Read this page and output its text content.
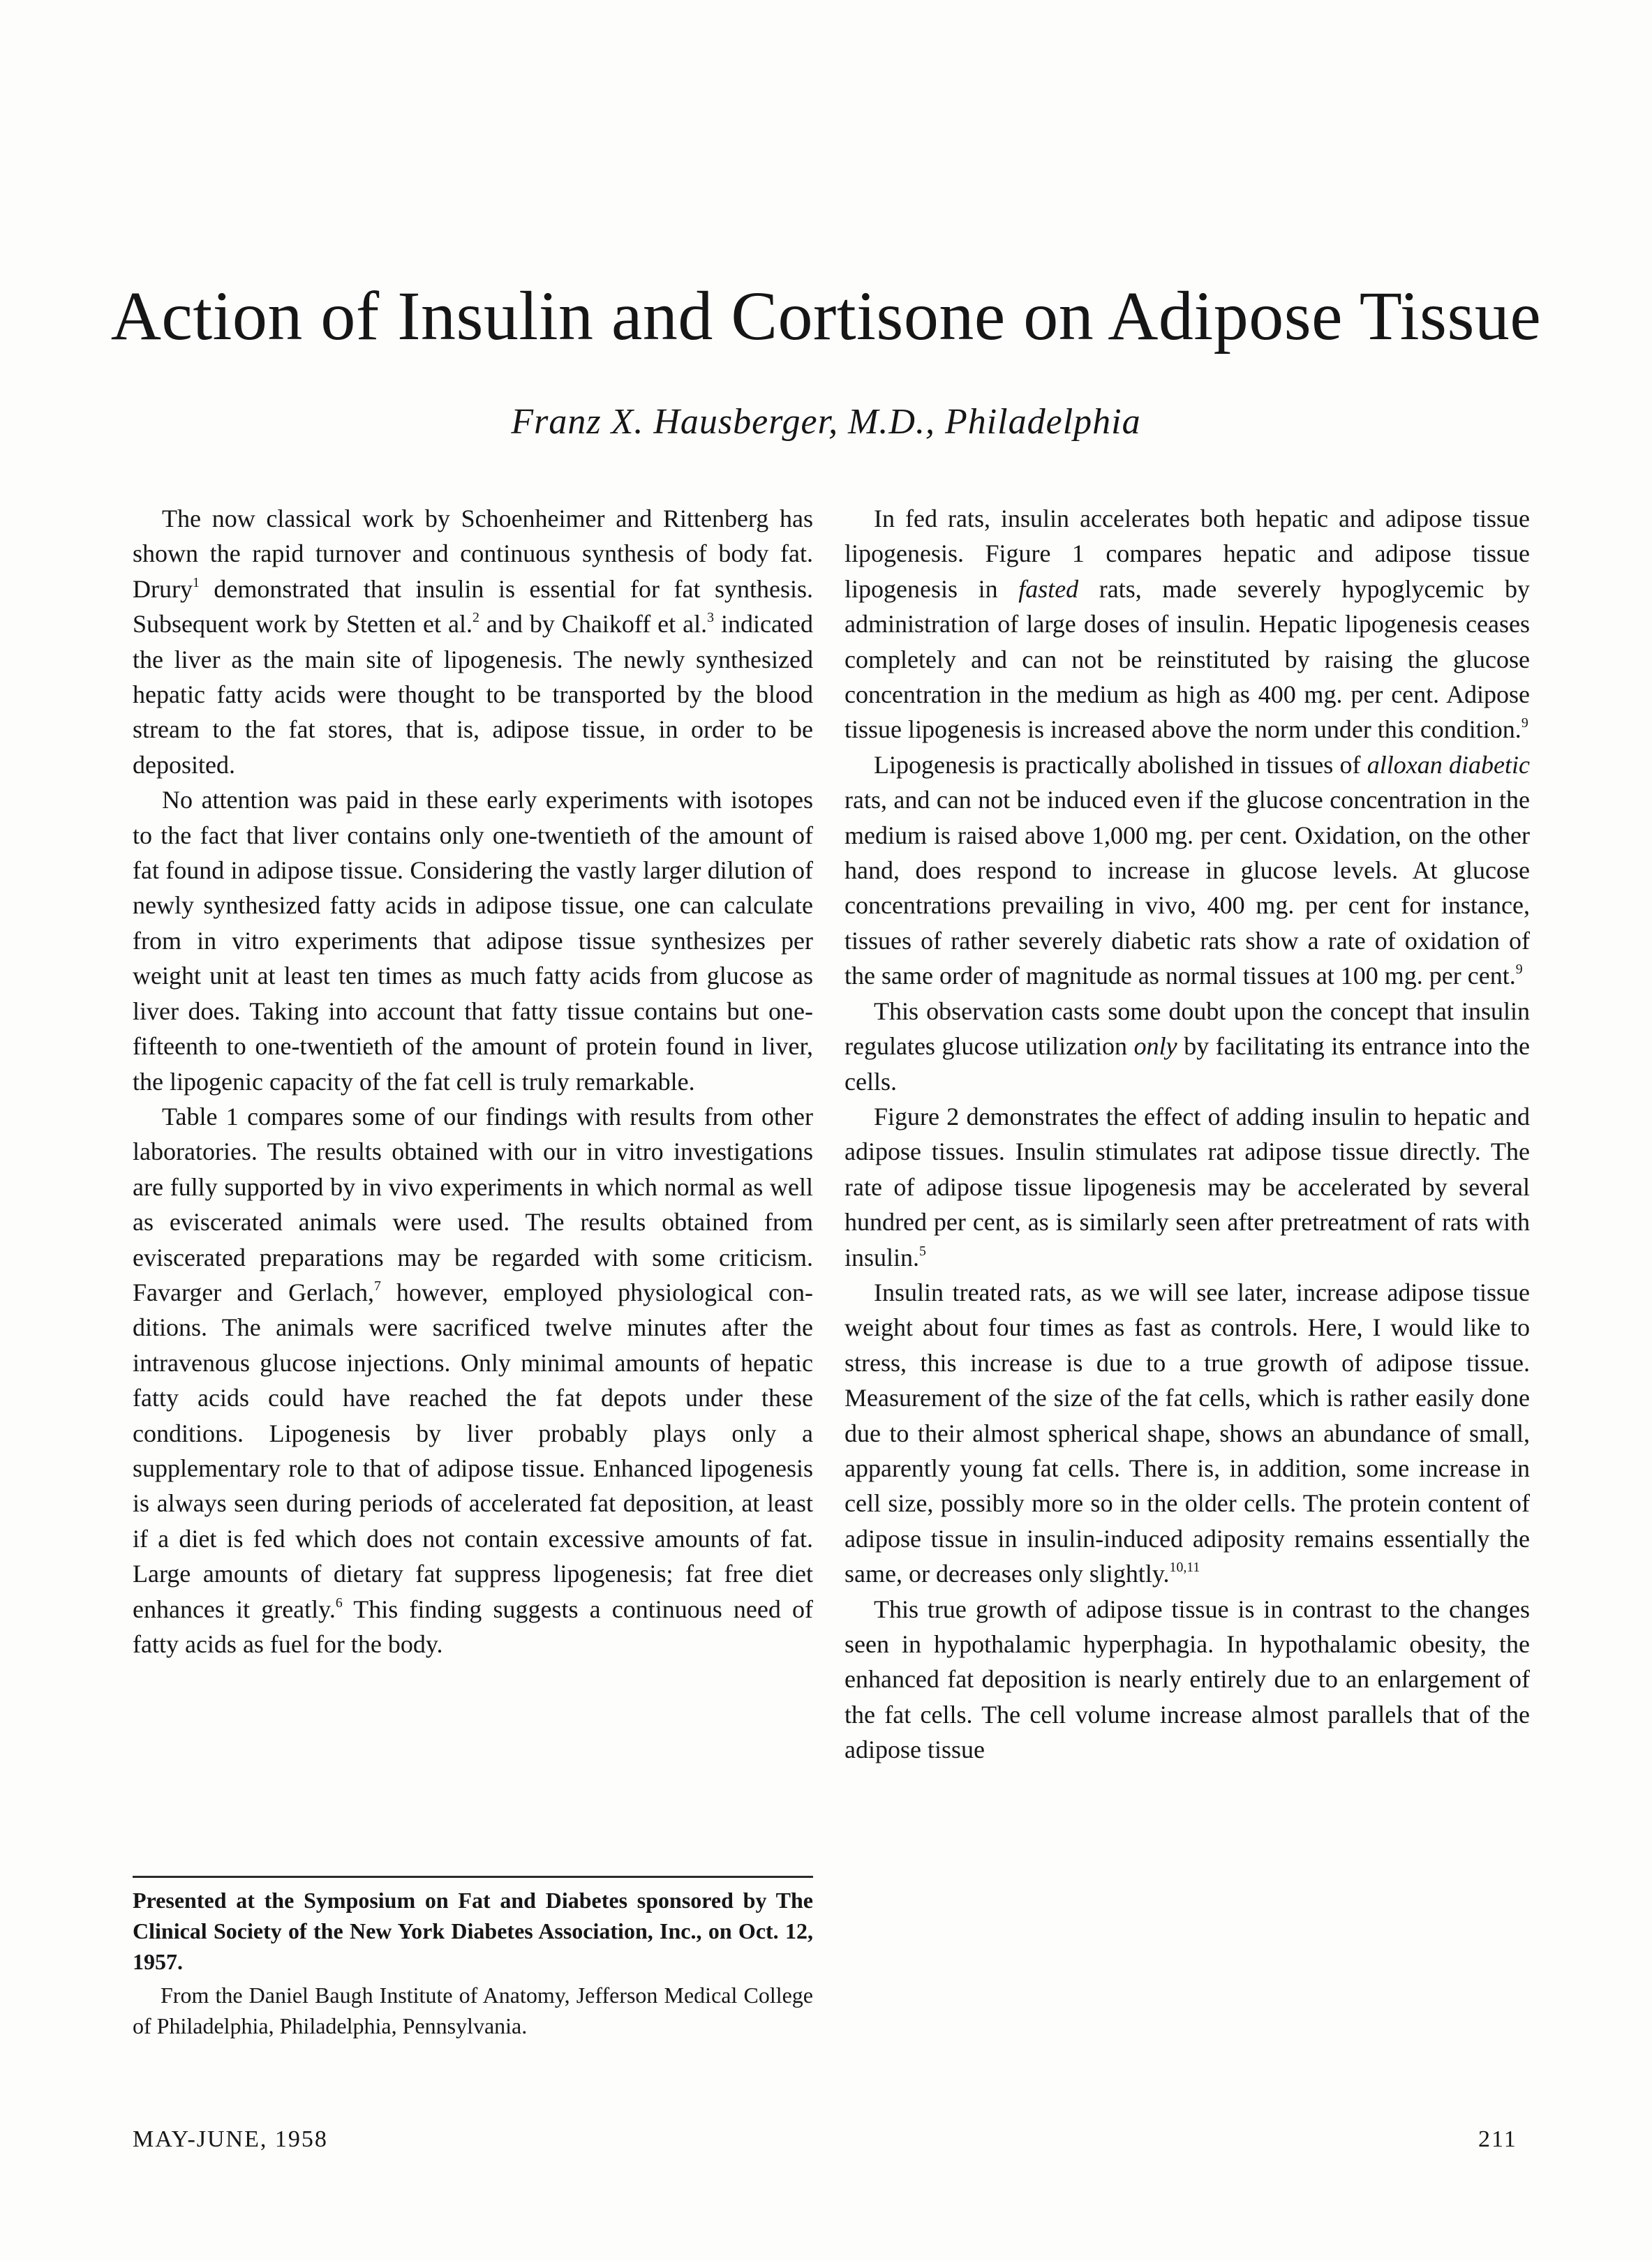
Action of Insulin and Cortisone on Adipose Tissue
Franz X. Hausberger, M.D., Philadelphia

The now classical work by Schoenheimer and Rittenberg has shown the rapid turnover and continuous synthesis of body fat. Drury$^1$ demonstrated that insulin is essential for fat synthesis. Subsequent work by Stetten et al.$^2$ and by Chaikoff et al.$^3$ indicated the liver as the main site of lipogenesis. The newly synthesized hepatic fatty acids were thought to be transported by the blood stream to the fat stores, that is, adipose tissue, in order to be deposited.

No attention was paid in these early experiments with isotopes to the fact that liver contains only one-twentieth of the amount of fat found in adipose tissue. Considering the vastly larger dilution of newly synthesized fatty acids in adipose tissue, one can calculate from in vitro experiments that adipose tissue synthesizes per weight unit at least ten times as much fatty acids from glucose as liver does. Taking into account that fatty tissue contains but one-fifteenth to one-twentieth of the amount of protein found in liver, the lipogenic capacity of the fat cell is truly remarkable.

Table 1 compares some of our findings with results from other laboratories. The results obtained with our in vitro investigations are fully supported by in vivo experiments in which normal as well as eviscerated animals were used. The results obtained from eviscerated preparations may be regarded with some criticism. Favarger and Gerlach,$^7$ however, employed physiological conditions. The animals were sacrificed twelve minutes after the intravenous glucose injections. Only minimal amounts of hepatic fatty acids could have reached the fat depots under these conditions. Lipogenesis by liver probably plays only a supplementary role to that of adipose tissue. Enhanced lipogenesis is always seen during periods of accelerated fat deposition, at least if a diet is fed which does not contain excessive amounts of fat. Large amounts of dietary fat suppress lipogenesis; fat free diet enhances it greatly.$^6$ This finding suggests a continuous need of fatty acids as fuel for the body.

In fed rats, insulin accelerates both hepatic and adipose tissue lipogenesis. Figure 1 compares hepatic and adipose tissue lipogenesis in fasted rats, made severely hypoglycemic by administration of large doses of insulin. Hepatic lipogenesis ceases completely and can not be reinstituted by raising the glucose concentration in the medium as high as 400 mg. per cent. Adipose tissue lipogenesis is increased above the norm under this condition.$^9$

Lipogenesis is practically abolished in tissues of alloxan diabetic rats, and can not be induced even if the glucose concentration in the medium is raised above 1,000 mg. per cent. Oxidation, on the other hand, does respond to increase in glucose levels. At glucose concentrations prevailing in vivo, 400 mg. per cent for instance, tissues of rather severely diabetic rats show a rate of oxidation of the same order of magnitude as normal tissues at 100 mg. per cent.$^9$

This observation casts some doubt upon the concept that insulin regulates glucose utilization only by facilitating its entrance into the cells.

Figure 2 demonstrates the effect of adding insulin to hepatic and adipose tissues. Insulin stimulates rat adipose tissue directly. The rate of adipose tissue lipogenesis may be accelerated by several hundred per cent, as is similarly seen after pretreatment of rats with insulin.$^5$

Insulin treated rats, as we will see later, increase adipose tissue weight about four times as fast as controls. Here, I would like to stress, this increase is due to a true growth of adipose tissue. Measurement of the size of the fat cells, which is rather easily done due to their almost spherical shape, shows an abundance of small, apparently young fat cells. There is, in addition, some increase in cell size, possibly more so in the older cells. The protein content of adipose tissue in insulin-induced adiposity remains essentially the same, or decreases only slightly.$^{10,11}$

This true growth of adipose tissue is in contrast to the changes seen in hypothalamic hyperphagia. In hypothalamic obesity, the enhanced fat deposition is nearly entirely due to an enlargement of the fat cells. The cell volume increase almost parallels that of the adipose tissue

Presented at the Symposium on Fat and Diabetes sponsored by The Clinical Society of the New York Diabetes Association, Inc., on Oct. 12, 1957.

From the Daniel Baugh Institute of Anatomy, Jefferson Medical College of Philadelphia, Philadelphia, Pennsylvania.

MAY-JUNE, 1958	211
